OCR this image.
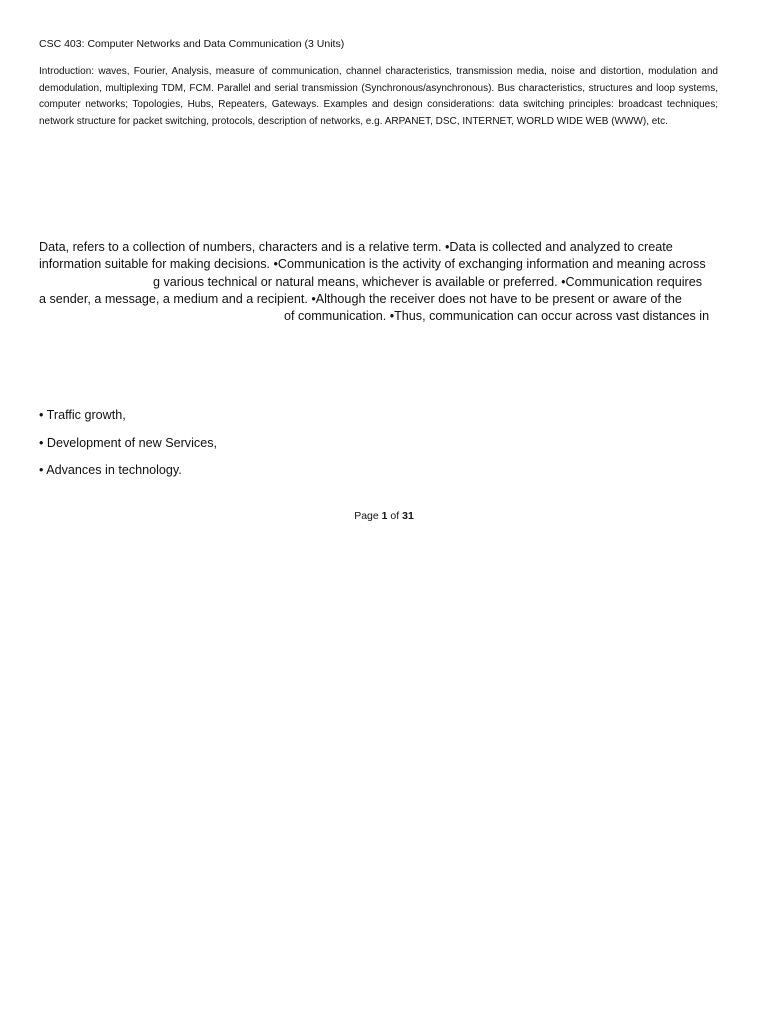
CSC 403: Computer Networks and Data Communication (3 Units)
Introduction: waves, Fourier, Analysis, measure of communication, channel characteristics, transmission media, noise and distortion, modulation and demodulation, multiplexing TDM, FCM. Parallel and serial transmission (Synchronous/asynchronous). Bus characteristics, structures and loop systems, computer networks; Topologies, Hubs, Repeaters, Gateways. Examples and design considerations: data switching principles: broadcast techniques; network structure for packet switching, protocols, description of networks, e.g. ARPANET, DSC, INTERNET, WORLD WIDE WEB (WWW), etc.
Data, refers to a collection of numbers, characters and is a relative term. •Data is collected and analyzed to create
information suitable for making decisions. •Communication is the activity of exchanging information and meaning across
g various technical or natural means, whichever is available or preferred. •Communication requires
a sender, a message, a medium and a recipient. •Although the receiver does not have to be present or aware of the
of communication. •Thus, communication can occur across vast distances in
• Traffic growth,
• Development of new Services,
• Advances in technology.
Page 1 of 31
